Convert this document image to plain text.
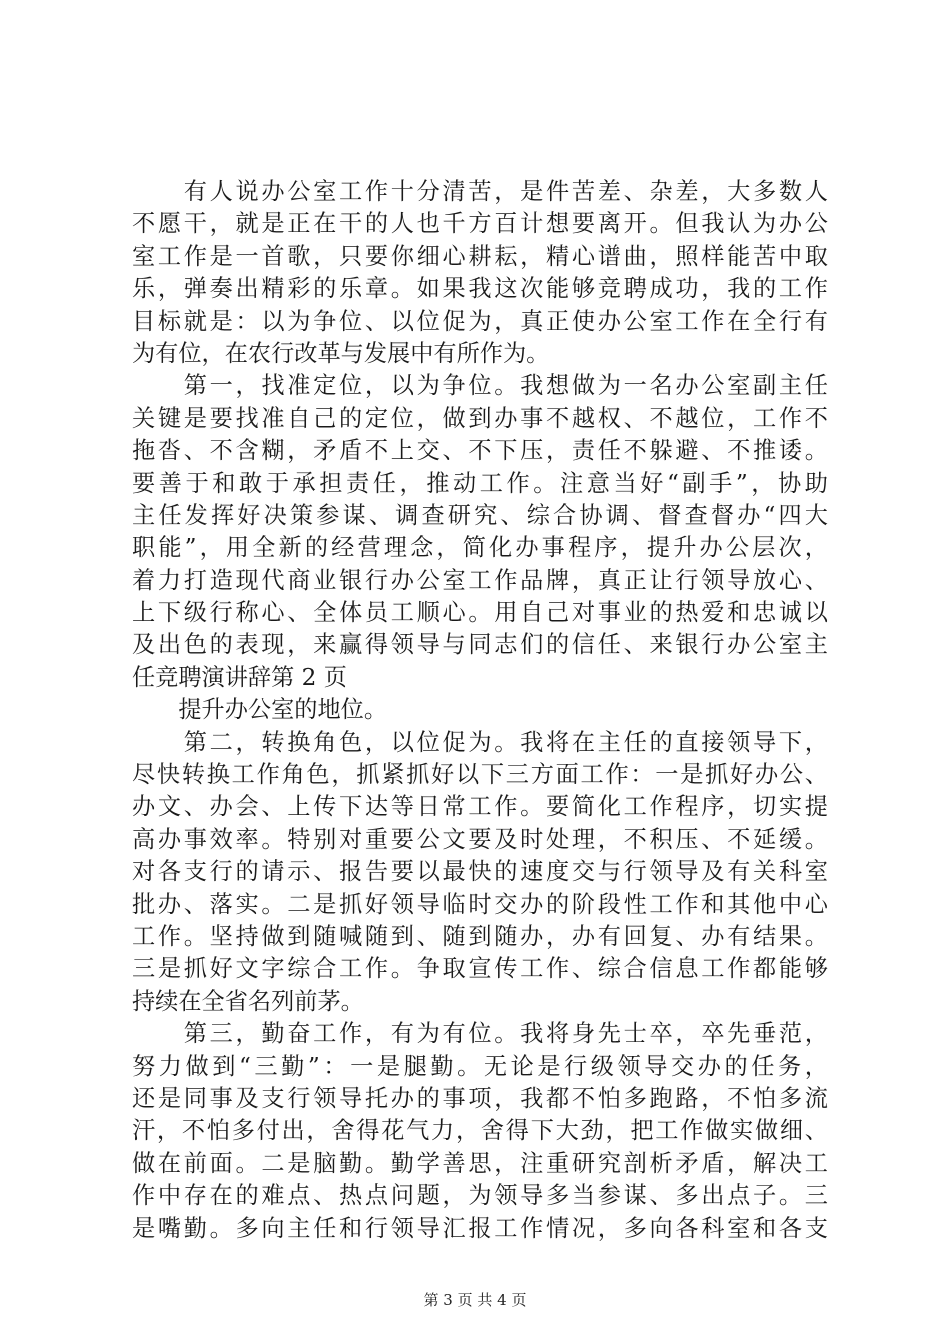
　　有人说办公室工作十分清苦，是件苦差、杂差，大多数人
不愿干，就是正在干的人也千方百计想要离开。但我认为办公
室工作是一首歌，只要你细心耕耘，精心谱曲，照样能苦中取
乐，弹奏出精彩的乐章。如果我这次能够竞聘成功，我的工作
目标就是：以为争位、以位促为，真正使办公室工作在全行有
为有位，在农行改革与发展中有所作为。
　　第一，找准定位，以为争位。我想做为一名办公室副主任
关键是要找准自己的定位，做到办事不越权、不越位，工作不
拖沓、不含糊，矛盾不上交、不下压，责任不躲避、不推诿。
要善于和敢于承担责任，推动工作。注意当好“副手”，协助
主任发挥好决策参谋、调查研究、综合协调、督查督办“四大
职能”，用全新的经营理念，简化办事程序，提升办公层次，
着力打造现代商业银行办公室工作品牌，真正让行领导放心、
上下级行称心、全体员工顺心。用自己对事业的热爱和忠诚以
及出色的表现，来赢得领导与同志们的信任、来银行办公室主
任竞聘演讲辞第 2 页
　　提升办公室的地位。
　　第二，转换角色，以位促为。我将在主任的直接领导下，
尽快转换工作角色，抓紧抓好以下三方面工作：一是抓好办公、
办文、办会、上传下达等日常工作。要简化工作程序，切实提
高办事效率。特别对重要公文要及时处理，不积压、不延缓。
对各支行的请示、报告要以最快的速度交与行领导及有关科室
批办、落实。二是抓好领导临时交办的阶段性工作和其他中心
工作。坚持做到随喊随到、随到随办，办有回复、办有结果。
三是抓好文字综合工作。争取宣传工作、综合信息工作都能够
持续在全省名列前茅。
　　第三，勤奋工作，有为有位。我将身先士卒，卒先垂范，
努力做到“三勤”：一是腿勤。无论是行级领导交办的任务，
还是同事及支行领导托办的事项，我都不怕多跑路，不怕多流
汗，不怕多付出，舍得花气力，舍得下大劲，把工作做实做细、
做在前面。二是脑勤。勤学善思，注重研究剖析矛盾，解决工
作中存在的难点、热点问题，为领导多当参谋、多出点子。三
是嘴勤。多向主任和行领导汇报工作情况，多向各科室和各支
第 3 页 共 4 页
